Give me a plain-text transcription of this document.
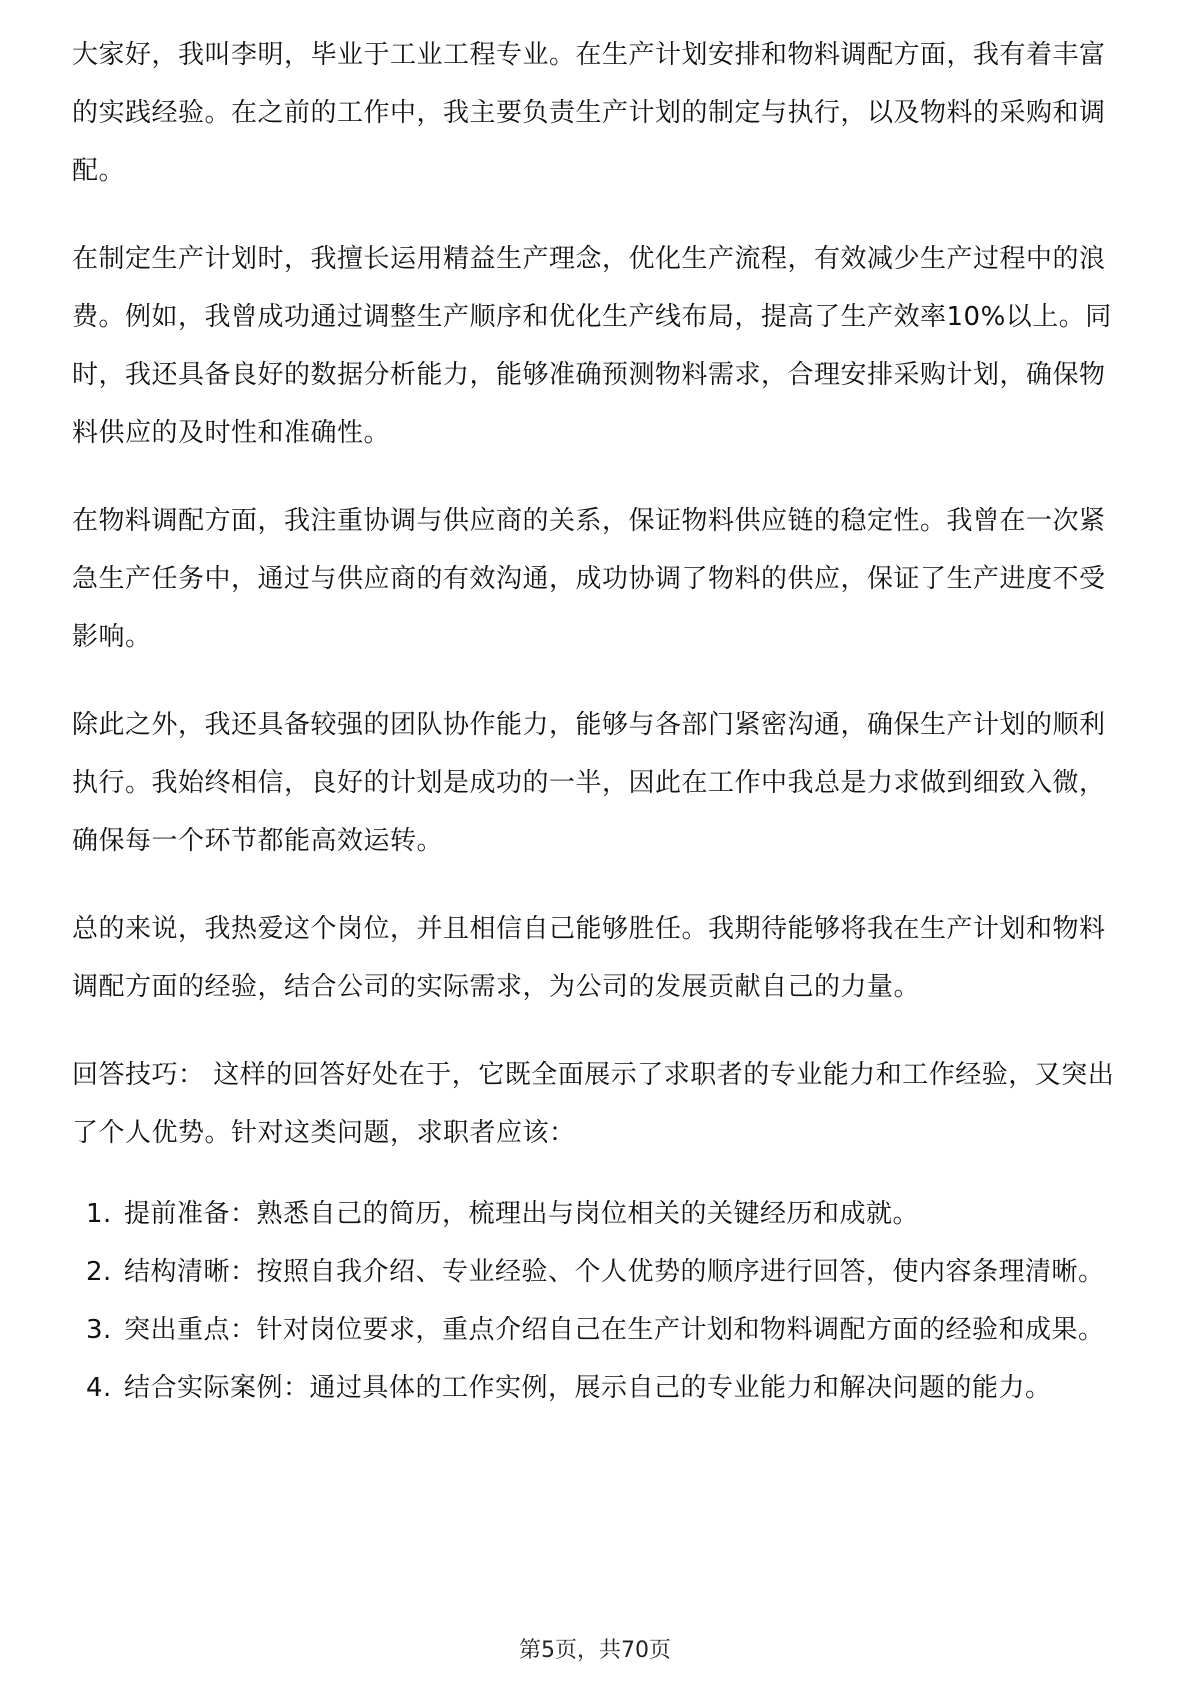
大家好，我叫李明，毕业于工业工程专业。在生产计划安排和物料调配方面，我有着丰富的实践经验。在之前的工作中，我主要负责生产计划的制定与执行，以及物料的采购和调配。

在制定生产计划时，我擅长运用精益生产理念，优化生产流程，有效减少生产过程中的浪费。例如，我曾成功通过调整生产顺序和优化生产线布局，提高了生产效率10%以上。同时，我还具备良好的数据分析能力，能够准确预测物料需求，合理安排采购计划，确保物料供应的及时性和准确性。

在物料调配方面，我注重协调与供应商的关系，保证物料供应链的稳定性。我曾在一次紧急生产任务中，通过与供应商的有效沟通，成功协调了物料的供应，保证了生产进度不受影响。

除此之外，我还具备较强的团队协作能力，能够与各部门紧密沟通，确保生产计划的顺利执行。我始终相信，良好的计划是成功的一半，因此在工作中我总是力求做到细致入微，确保每一个环节都能高效运转。

总的来说，我热爱这个岗位，并且相信自己能够胜任。我期待能够将我在生产计划和物料调配方面的经验，结合公司的实际需求，为公司的发展贡献自己的力量。

回答技巧： 这样的回答好处在于，它既全面展示了求职者的专业能力和工作经验，又突出了个人优势。针对这类问题，求职者应该：

1. 提前准备：熟悉自己的简历，梳理出与岗位相关的关键经历和成就。
2. 结构清晰：按照自我介绍、专业经验、个人优势的顺序进行回答，使内容条理清晰。
3. 突出重点：针对岗位要求，重点介绍自己在生产计划和物料调配方面的经验和成果。
4. 结合实际案例：通过具体的工作实例，展示自己的专业能力和解决问题的能力。
第5页，共70页
